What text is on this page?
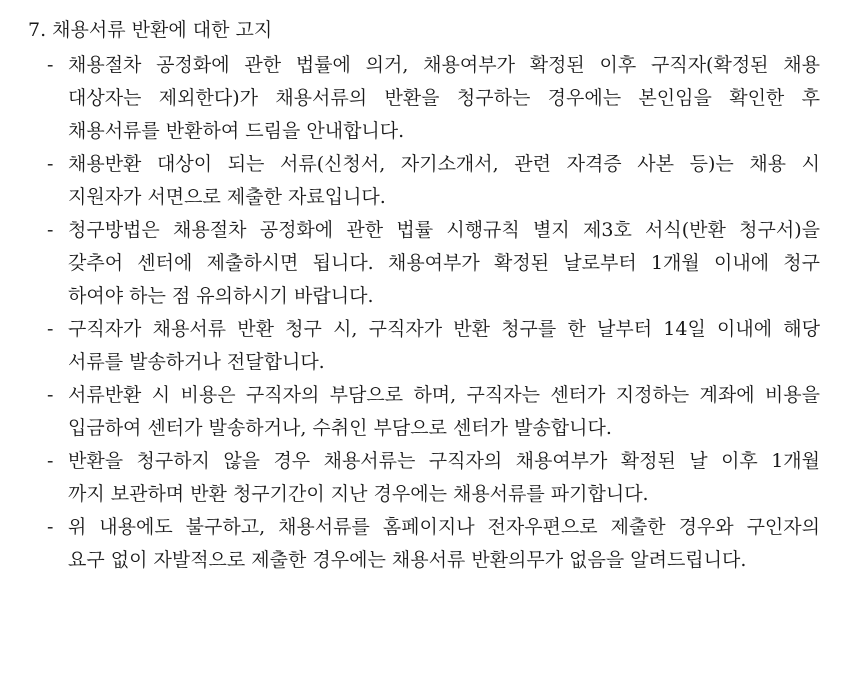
7. 채용서류 반환에 대한 고지
- 채용절차 공정화에 관한 법률에 의거, 채용여부가 확정된 이후 구직자(확정된 채용
대상자는 제외한다)가 채용서류의 반환을 청구하는 경우에는 본인임을 확인한 후
채용서류를 반환하여 드림을 안내합니다.
- 채용반환 대상이 되는 서류(신청서, 자기소개서, 관련 자격증 사본 등)는 채용 시
지원자가 서면으로 제출한 자료입니다.
- 청구방법은 채용절차 공정화에 관한 법률 시행규칙 별지 제3호 서식(반환 청구서)을
갖추어 센터에 제출하시면 됩니다. 채용여부가 확정된 날로부터 1개월 이내에 청구
하여야 하는 점 유의하시기 바랍니다.
- 구직자가 채용서류 반환 청구 시, 구직자가 반환 청구를 한 날부터 14일 이내에 해당
서류를 발송하거나 전달합니다.
- 서류반환 시 비용은 구직자의 부담으로 하며, 구직자는 센터가 지정하는 계좌에 비용을
입금하여 센터가 발송하거나, 수취인 부담으로 센터가 발송합니다.
- 반환을 청구하지 않을 경우 채용서류는 구직자의 채용여부가 확정된 날 이후 1개월
까지 보관하며 반환 청구기간이 지난 경우에는 채용서류를 파기합니다.
- 위 내용에도 불구하고, 채용서류를 홈페이지나 전자우편으로 제출한 경우와 구인자의
요구 없이 자발적으로 제출한 경우에는 채용서류 반환의무가 없음을 알려드립니다.
